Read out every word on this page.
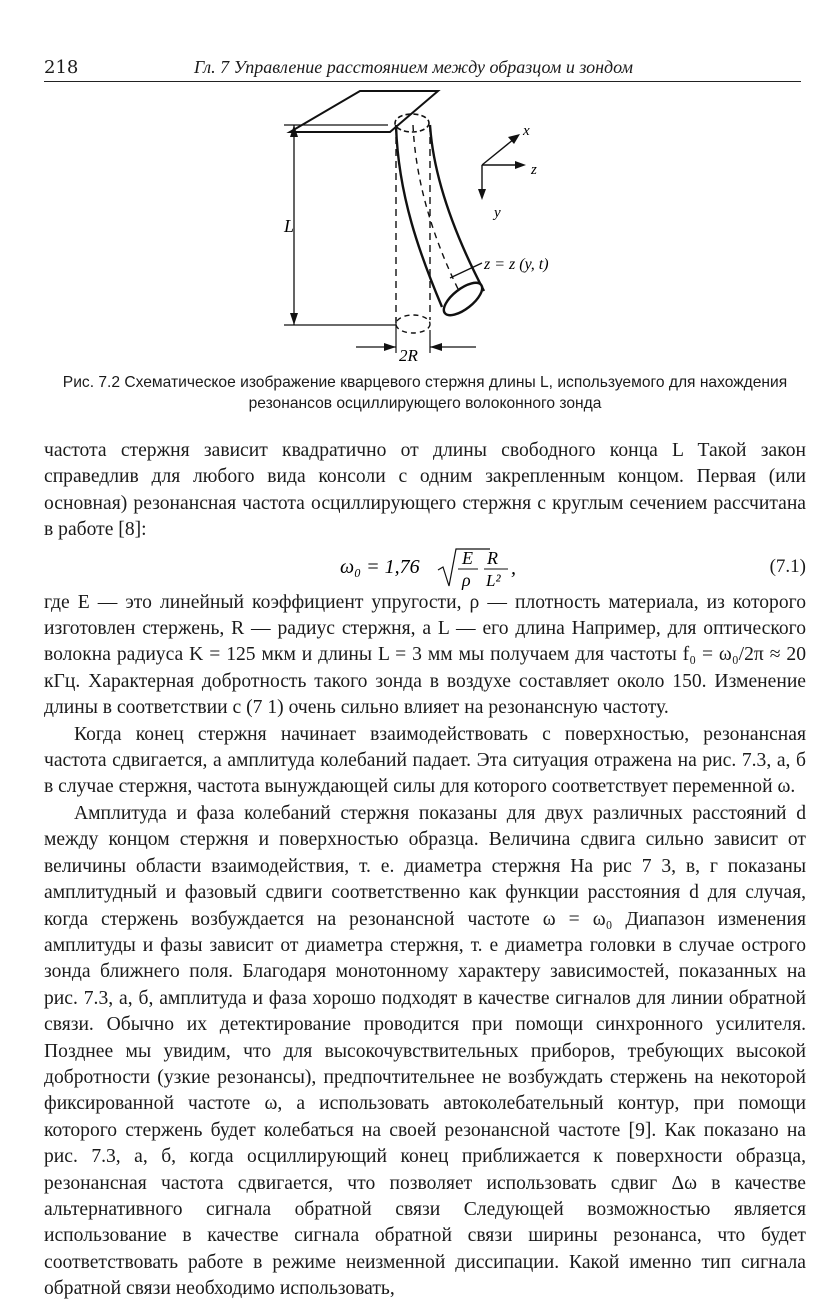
218	Гл. 7 Управление расстоянием между образцом и зондом
L
2R
x
z
y
z = z (y, t)
Рис. 7.2 Схематическое изображение кварцевого стержня длины L, используемого для нахождения резонансов осциллирующего волоконного зонда

частота стержня зависит квадратично от длины свободного конца L Такой закон справедлив для любого вида консоли с одним закрепленным концом. Первая (или основная) резонансная частота осциллирующего стержня с круглым сечением рассчитана в работе [8]:

ω₀ = 1,76 E
ρ
R
L²
,	(7.1)

где E — это линейный коэффициент упругости, ρ — плотность материала, из которого изготовлен стержень, R — радиус стержня, а L — его длина Например, для оптического волокна радиуса K = 125 мкм и длины L = 3 мм мы получаем для частоты f₀ = ω₀/2π ≈ 20 кГц. Характерная добротность такого зонда в воздухе составляет около 150. Изменение длины в соответствии с (7 1) очень сильно влияет на резонансную частоту.

Когда конец стержня начинает взаимодействовать с поверхностью, резонансная частота сдвигается, а амплитуда колебаний падает. Эта ситуация отражена на рис. 7.3, а, б в случае стержня, частота вынуждающей силы для которого соответствует переменной ω.

Амплитуда и фаза колебаний стержня показаны для двух различных расстояний d между концом стержня и поверхностью образца. Величина сдвига сильно зависит от величины области взаимодействия, т. е. диаметра стержня На рис 7 3, в, г показаны амплитудный и фазовый сдвиги соответственно как функции расстояния d для случая, когда стержень возбуждается на резонансной частоте ω = ω₀ Диапазон изменения амплитуды и фазы зависит от диаметра стержня, т. е диаметра головки в случае острого зонда ближнего поля. Благодаря монотонному характеру зависимостей, показанных на рис. 7.3, а, б, амплитуда и фаза хорошо подходят в качестве сигналов для линии обратной связи. Обычно их детектирование проводится при помощи синхронного усилителя. Позднее мы увидим, что для высокочувствительных приборов, требующих высокой добротности (узкие резонансы), предпочтительнее не возбуждать стержень на некоторой фиксированной частоте ω, а использовать автоколебательный контур, при помощи которого стержень будет колебаться на своей резонансной частоте [9]. Как показано на рис. 7.3, а, б, когда осциллирующий конец приближается к поверхности образца, резонансная частота сдвигается, что позволяет использовать сдвиг Δω в качестве альтернативного сигнала обратной связи Следующей возможностью является использование в качестве сигнала обратной связи ширины резонанса, что будет соответствовать работе в режиме неизменной диссипации. Какой именно тип сигнала обратной связи необходимо использовать,
